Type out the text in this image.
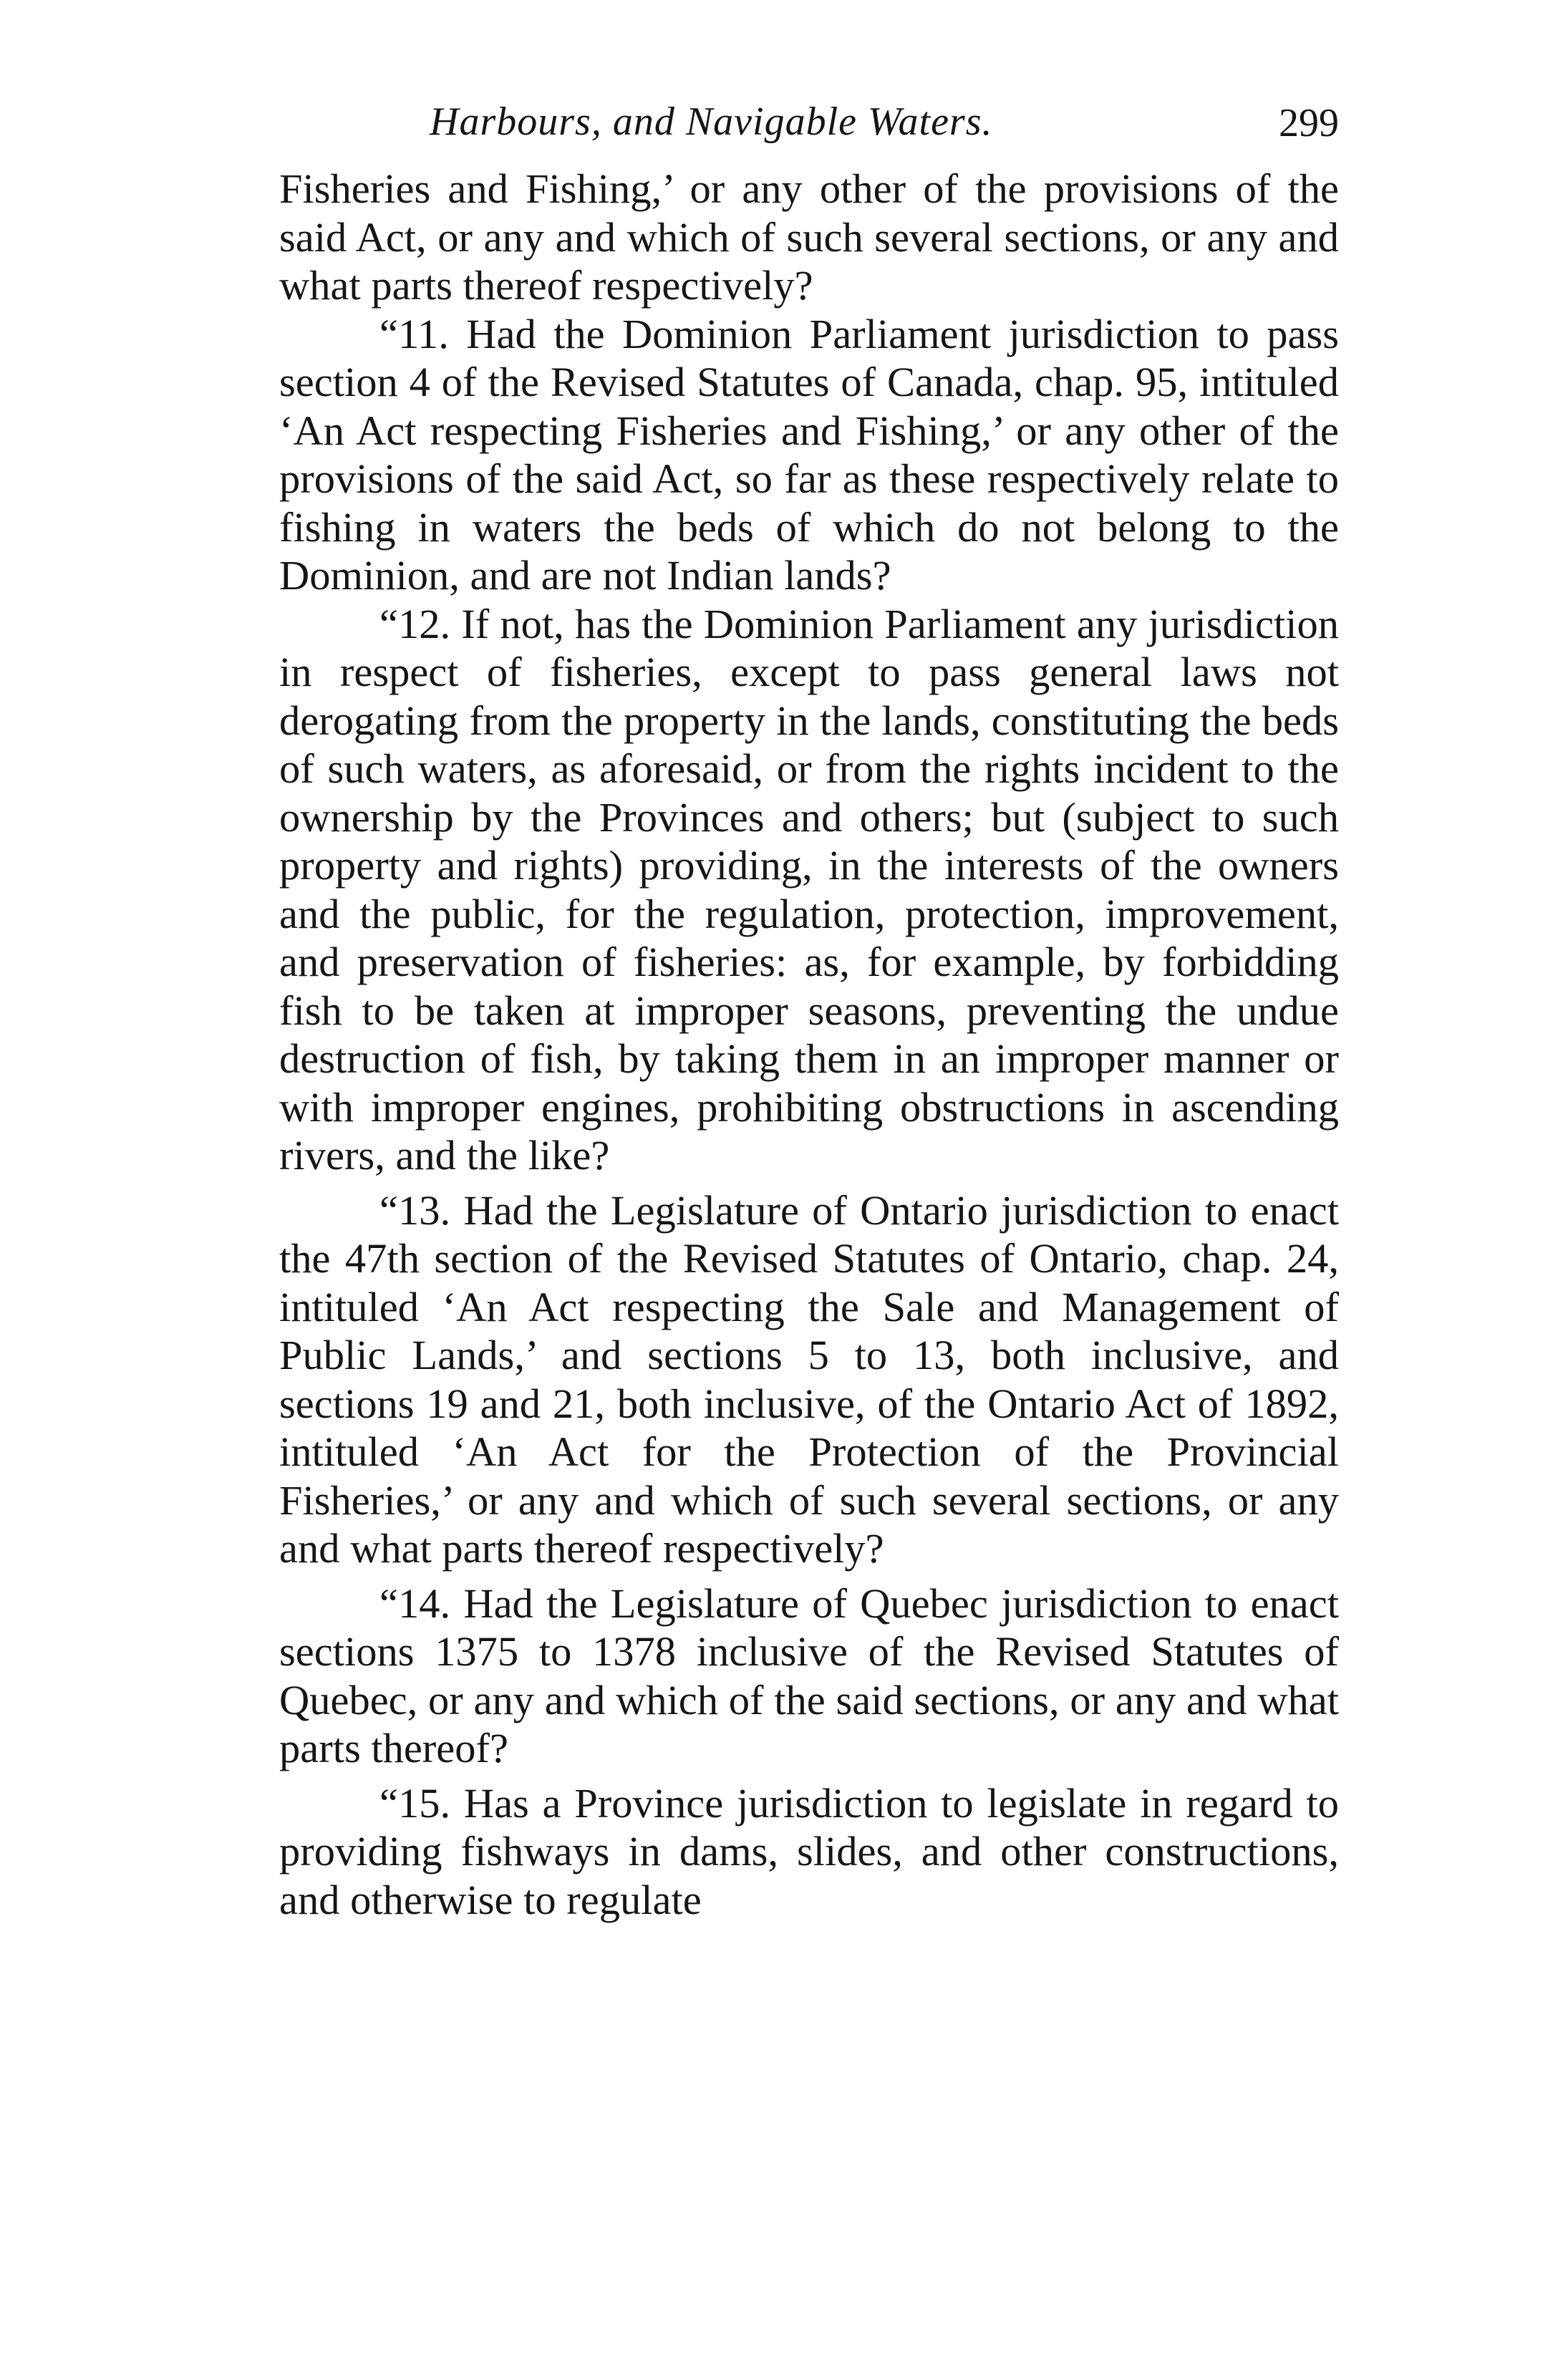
Harbours, and Navigable Waters.	299

Fisheries and Fishing,’ or any other of the provisions of the said Act, or any and which of such several sections, or any and what parts thereof respectively?

“11. Had the Dominion Parliament jurisdiction to pass section 4 of the Revised Statutes of Canada, chap. 95, intituled ‘An Act respecting Fisheries and Fishing,’ or any other of the provisions of the said Act, so far as these respectively relate to fishing in waters the beds of which do not belong to the Dominion, and are not Indian lands?

“12. If not, has the Dominion Parliament any jurisdiction in respect of fisheries, except to pass general laws not derogating from the property in the lands, constituting the beds of such waters, as aforesaid, or from the rights incident to the ownership by the Provinces and others; but (subject to such property and rights) providing, in the interests of the owners and the public, for the regulation, protection, improvement, and preservation of fisheries: as, for example, by forbidding fish to be taken at improper seasons, preventing the undue destruction of fish, by taking them in an improper manner or with improper engines, prohibiting obstructions in ascending rivers, and the like?

“13. Had the Legislature of Ontario jurisdiction to enact the 47th section of the Revised Statutes of Ontario, chap. 24, intituled ‘An Act respecting the Sale and Management of Public Lands,’ and sections 5 to 13, both inclusive, and sections 19 and 21, both inclusive, of the Ontario Act of 1892, intituled ‘An Act for the Protection of the Provincial Fisheries,’ or any and which of such several sections, or any and what parts thereof respectively?

“14. Had the Legislature of Quebec jurisdiction to enact sections 1375 to 1378 inclusive of the Revised Statutes of Quebec, or any and which of the said sections, or any and what parts thereof?

“15. Has a Province jurisdiction to legislate in regard to providing fishways in dams, slides, and other constructions, and otherwise to regulate
